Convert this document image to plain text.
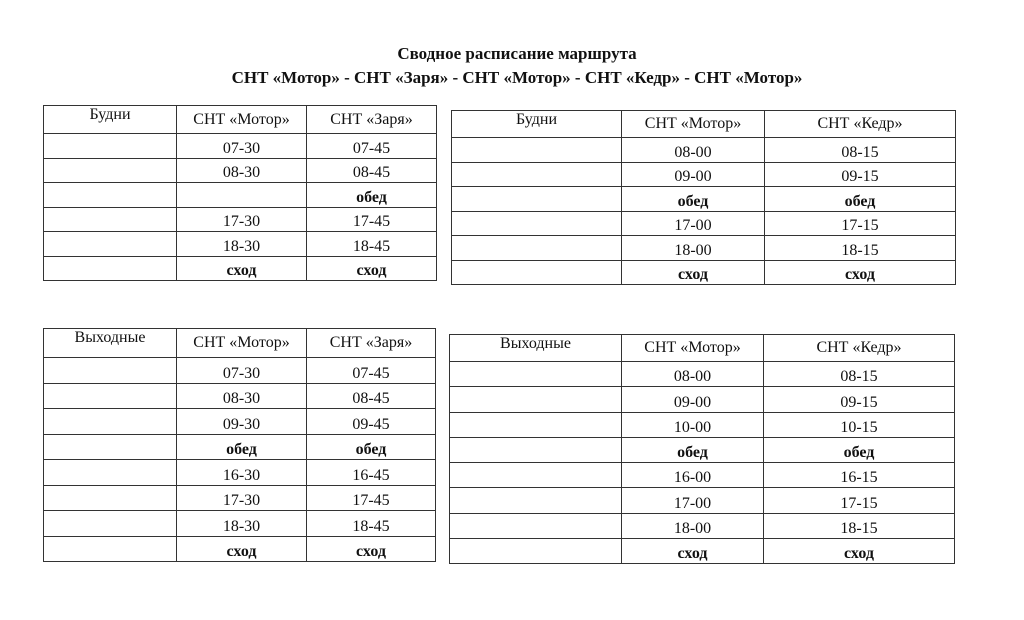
Сводное расписание маршрута
СНТ «Мотор» - СНТ «Заря» - СНТ «Мотор» - СНТ «Кедр» - СНТ «Мотор»
Будни	СНТ «Мотор»	СНТ «Заря»
	07-30	07-45
	08-30	08-45
		обед
	17-30	17-45
	18-30	18-45
	сход	сход
Будни	СНТ «Мотор»	СНТ «Кедр»
	08-00	08-15
	09-00	09-15
	обед	обед
	17-00	17-15
	18-00	18-15
	сход	сход
Выходные	СНТ «Мотор»	СНТ «Заря»
	07-30	07-45
	08-30	08-45
	09-30	09-45
	обед	обед
	16-30	16-45
	17-30	17-45
	18-30	18-45
	сход	сход
Выходные	СНТ «Мотор»	СНТ «Кедр»
	08-00	08-15
	09-00	09-15
	10-00	10-15
	обед	обед
	16-00	16-15
	17-00	17-15
	18-00	18-15
	сход	сход
